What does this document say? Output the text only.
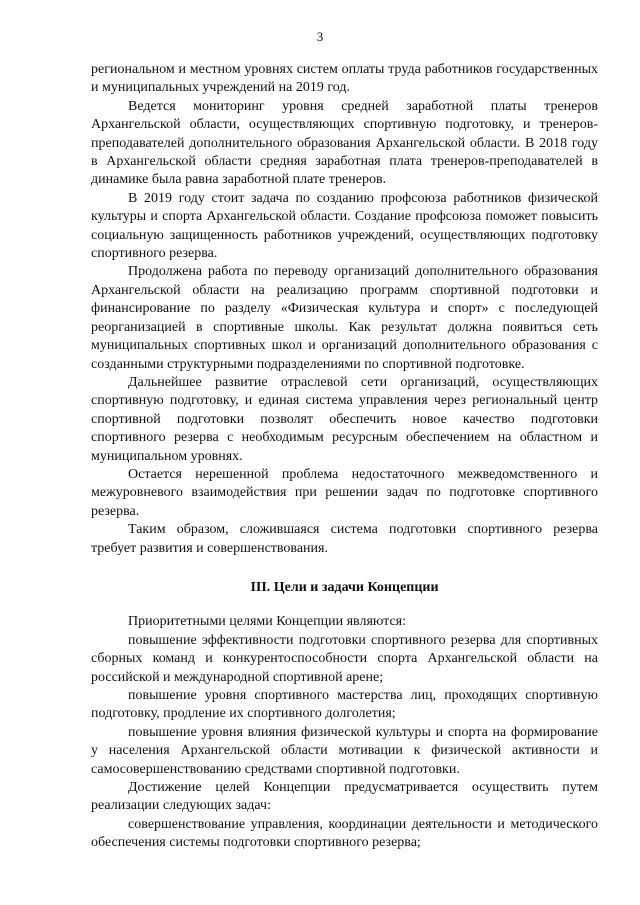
3

региональном и местном уровнях систем оплаты труда работников государственных и муниципальных учреждений на 2019 год.

Ведется мониторинг уровня средней заработной платы тренеров Архангельской области, осуществляющих спортивную подготовку, и тренеров-преподавателей дополнительного образования Архангельской области. В 2018 году в Архангельской области средняя заработная плата тренеров-преподавателей в динамике была равна заработной плате тренеров.

В 2019 году стоит задача по созданию профсоюза работников физической культуры и спорта Архангельской области. Создание профсоюза поможет повысить социальную защищенность работников учреждений, осуществляющих подготовку спортивного резерва.

Продолжена работа по переводу организаций дополнительного образования Архангельской области на реализацию программ спортивной подготовки и финансирование по разделу «Физическая культура и спорт» с последующей реорганизацией в спортивные школы. Как результат должна появиться сеть муниципальных спортивных школ и организаций дополнительного образования с созданными структурными подразделениями по спортивной подготовке.

Дальнейшее развитие отраслевой сети организаций, осуществляющих спортивную подготовку, и единая система управления через региональный центр спортивной подготовки позволят обеспечить новое качество подготовки спортивного резерва с необходимым ресурсным обеспечением на областном и муниципальном уровнях.

Остается нерешенной проблема недостаточного межведомственного и межуровневого взаимодействия при решении задач по подготовке спортивного резерва.

Таким образом, сложившаяся система подготовки спортивного резерва требует развития и совершенствования.

III. Цели и задачи Концепции

Приоритетными целями Концепции являются:

повышение эффективности подготовки спортивного резерва для спортивных сборных команд и конкурентоспособности спорта Архангельской области на российской и международной спортивной арене;

повышение уровня спортивного мастерства лиц, проходящих спортивную подготовку, продление их спортивного долголетия;

повышение уровня влияния физической культуры и спорта на формирование у населения Архангельской области мотивации к физической активности и самосовершенствованию средствами спортивной подготовки.

Достижение целей Концепции предусматривается осуществить путем реализации следующих задач:

совершенствование управления, координации деятельности и методического обеспечения системы подготовки спортивного резерва;
